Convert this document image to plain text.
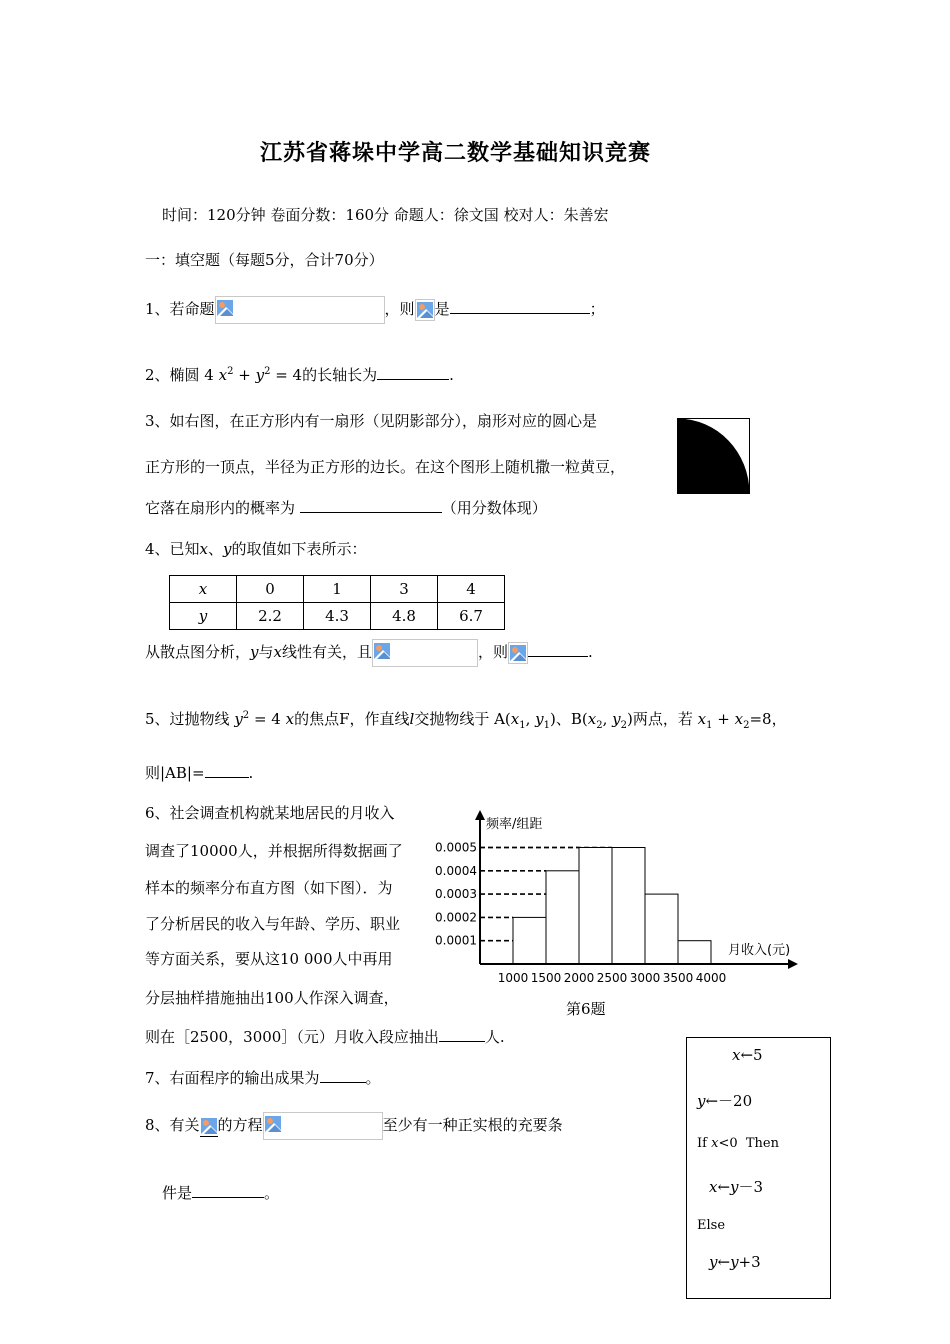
江苏省蒋垛中学高二数学基础知识竞赛
时间：120分钟 卷面分数：160分 命题人：徐文国 校对人：朱善宏
一：填空题（每题5分，合计70分）
1、若命题	，则 是	；
2、椭圆 4 $x^2 + y^2 = 4$的长轴长为	.
3、如右图，在正方形内有一扇形（见阴影部分），扇形对应的圆心是
正方形的一顶点，半径为正方形的边长。在这个图形上随机撒一粒黄豆，
它落在扇形内的概率为	（用分数体现）
4、已知x、y的取值如下表所示：
x	0	1	3	4
y	2.2	4.3	4.8	6.7
从散点图分析，y与x线性有关，且	，则	.
5、过抛物线 $y^2 = 4$ x的焦点F，作直线l交抛物线于 $A(x_1$, $y_1$)、$B(x_2$, $y_2$)两点，若 $x_1 + x_2=8$，
则|AB|=	.
6、社会调查机构就某地居民的月收入
调查了10000人，并根据所得数据画了
样本的频率分布直方图（如下图）．为
了分析居民的收入与年龄、学历、职业
等方面关系，要从这10 000人中再用
分层抽样措施抽出100人作深入调查，
则在［2500，3000］（元）月收入段应抽出	人.
0.0001
0.0002
0.0003
0.0004
0.0005
1000 1500 2000 2500 3000 3500 4000
频率/组距
月收入(元)
第6题
7、右面程序的输出成果为	。
8、有关 的方程	至少有一种正实根的充要条
件是	。
x←5
y←－20
If x<0  Then
x←y－3
Else
y←y+3
